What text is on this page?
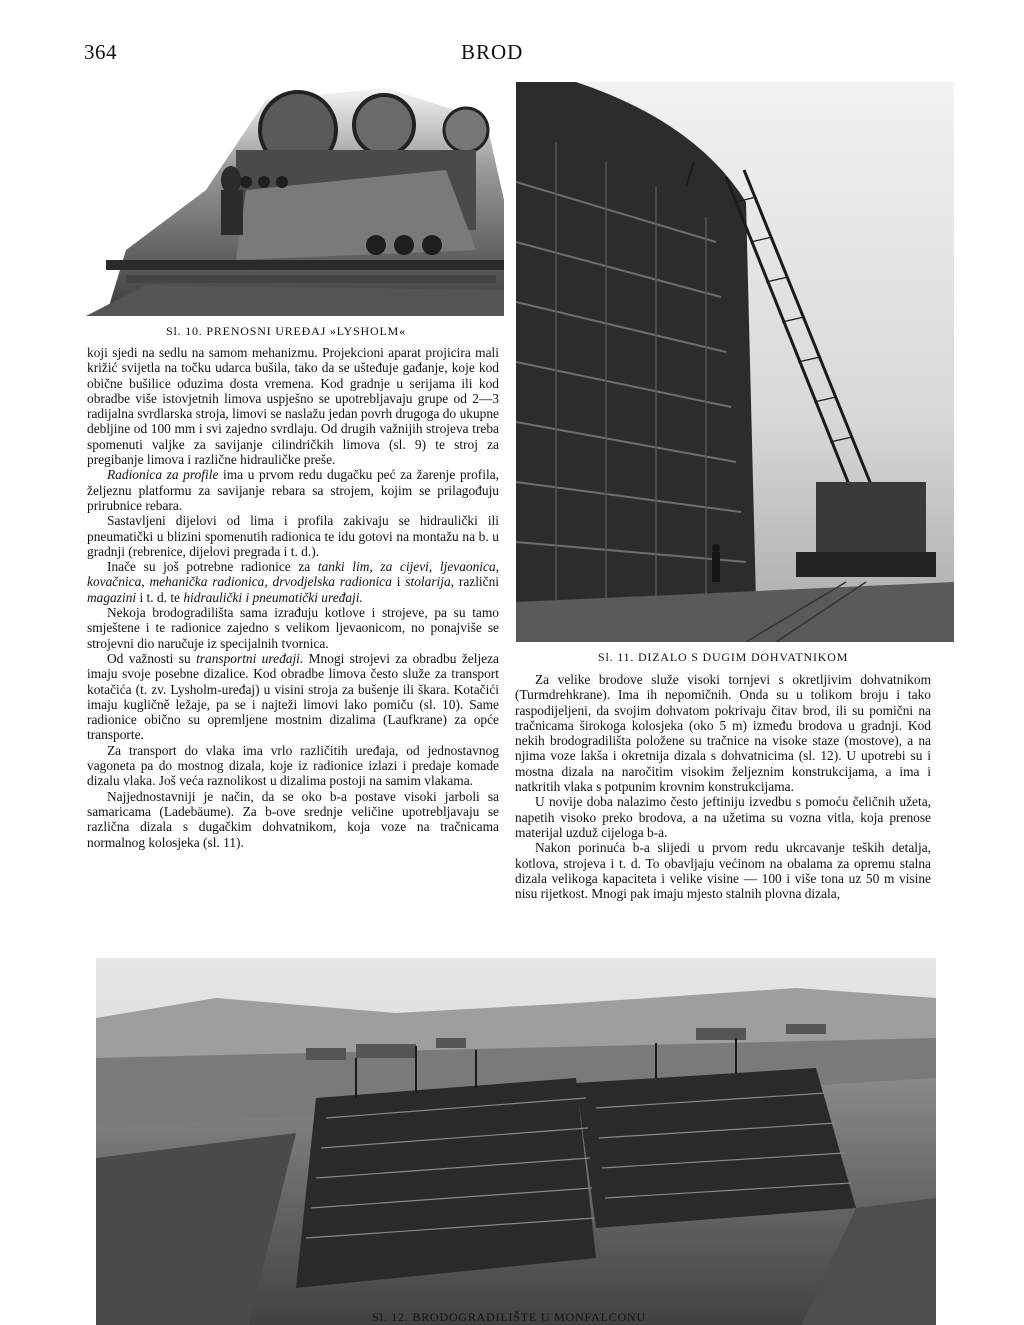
364	BROD
Sl. 10. PRENOSNI UREĐAJ »LYSHOLM«
Sl. 11. DIZALO S DUGIM DOHVATNIKOM

koji sjedi na sedlu na samom mehanizmu. Projekcioni aparat projicira mali križić svijetla na točku udarca bušila, tako da se ušteđuje gađanje, koje kod obične bušilice oduzima dosta vremena. Kod gradnje u serijama ili kod obradbe više istovjetnih limova uspješno se upotrebljavaju grupe od 2—3 radijalna svrdlarska stroja, limovi se naslažu jedan povrh drugoga do ukupne debljine od 100 mm i svi zajedno svrdlaju. Od drugih važnijih strojeva treba spomenuti valjke za savijanje cilindričkih limova (sl. 9) te stroj za pregibanje limova i različne hidrauličke preše.

Radionica za profile ima u prvom redu dugačku peć za žarenje profila, željeznu platformu za savijanje rebara sa strojem, kojim se prilagođuju prirubnice rebara.

Sastavljeni dijelovi od lima i profila zakivaju se hidraulički ili pneumatički u blizini spomenutih radionica te idu gotovi na montažu na b. u gradnji (rebrenice, dijelovi pregrada i t. d.).

Inače su još potrebne radionice za tanki lim, za cijevi, ljevaonica, kovačnica, mehanička radionica, drvodjelska radionica i stolarija, različni magazini i t. d. te hidraulički i pneumatički uređaji.

Nekoja brodogradilišta sama izrađuju kotlove i strojeve, pa su tamo smještene i te radionice zajedno s velikom ljevaonicom, no ponajviše se strojevni dio naručuje iz specijalnih tvornica.

Od važnosti su transportni uređaji. Mnogi strojevi za obradbu željeza imaju svoje posebne dizalice. Kod obradbe limova često služe za transport kotačića (t. zv. Lysholm-uređaj) u visini stroja za bušenje ili škara. Kotačići imaju kugličně ležaje, pa se i najteži limovi lako pomiču (sl. 10). Same radionice obično su opremljene mostnim dizalima (Laufkrane) za opće transporte.

Za transport do vlaka ima vrlo različitih uređaja, od jednostavnog vagoneta pa do mostnog dizala, koje iz radionice izlazi i predaje komade dizalu vlaka. Još veća raznolikost u dizalima postoji na samim vlakama.

Najjednostavniji je način, da se oko b-a postave visoki jarboli sa samaricama (Ladebäume). Za b-ove srednje veličine upotrebljavaju se različna dizala s dugačkim dohvatnikom, koja voze na tračnicama normalnog kolosjeka (sl. 11).

Za velike brodove služe visoki tornjevi s okretljivim dohvatnikom (Turmdrehkrane). Ima ih nepomičnih. Onda su u tolikom broju i tako raspodijeljeni, da svojim dohvatom pokrivaju čitav brod, ili su pomični na tračnicama širokoga kolosjeka (oko 5 m) između brodova u gradnji. Kod nekih brodogradilišta položene su tračnice na visoke staze (mostove), a na njima voze lakša i okretnija dizala s dohvatnicima (sl. 12). U upotrebi su i mostna dizala na naročitim visokim željeznim konstrukcijama, a ima i natkritih vlaka s potpunim krovnim konstrukcijama.

U novije doba nalazimo često jeftiniju izvedbu s pomoću čeličnih užeta, napetih visoko preko brodova, a na užetima su vozna vitla, koja prenose materijal uzduž cijeloga b-a.

Nakon porinuća b-a slijedi u prvom redu ukrcavanje teških detalja, kotlova, strojeva i t. d. To obavljaju većinom na obalama za opremu stalna dizala velikoga kapaciteta i velike visine — 100 i više tona uz 50 m visine nisu rijetkost. Mnogi pak imaju mjesto stalnih plovna dizala,

Sl. 12. BRODOGRADILIŠTE U MONFALCONU
